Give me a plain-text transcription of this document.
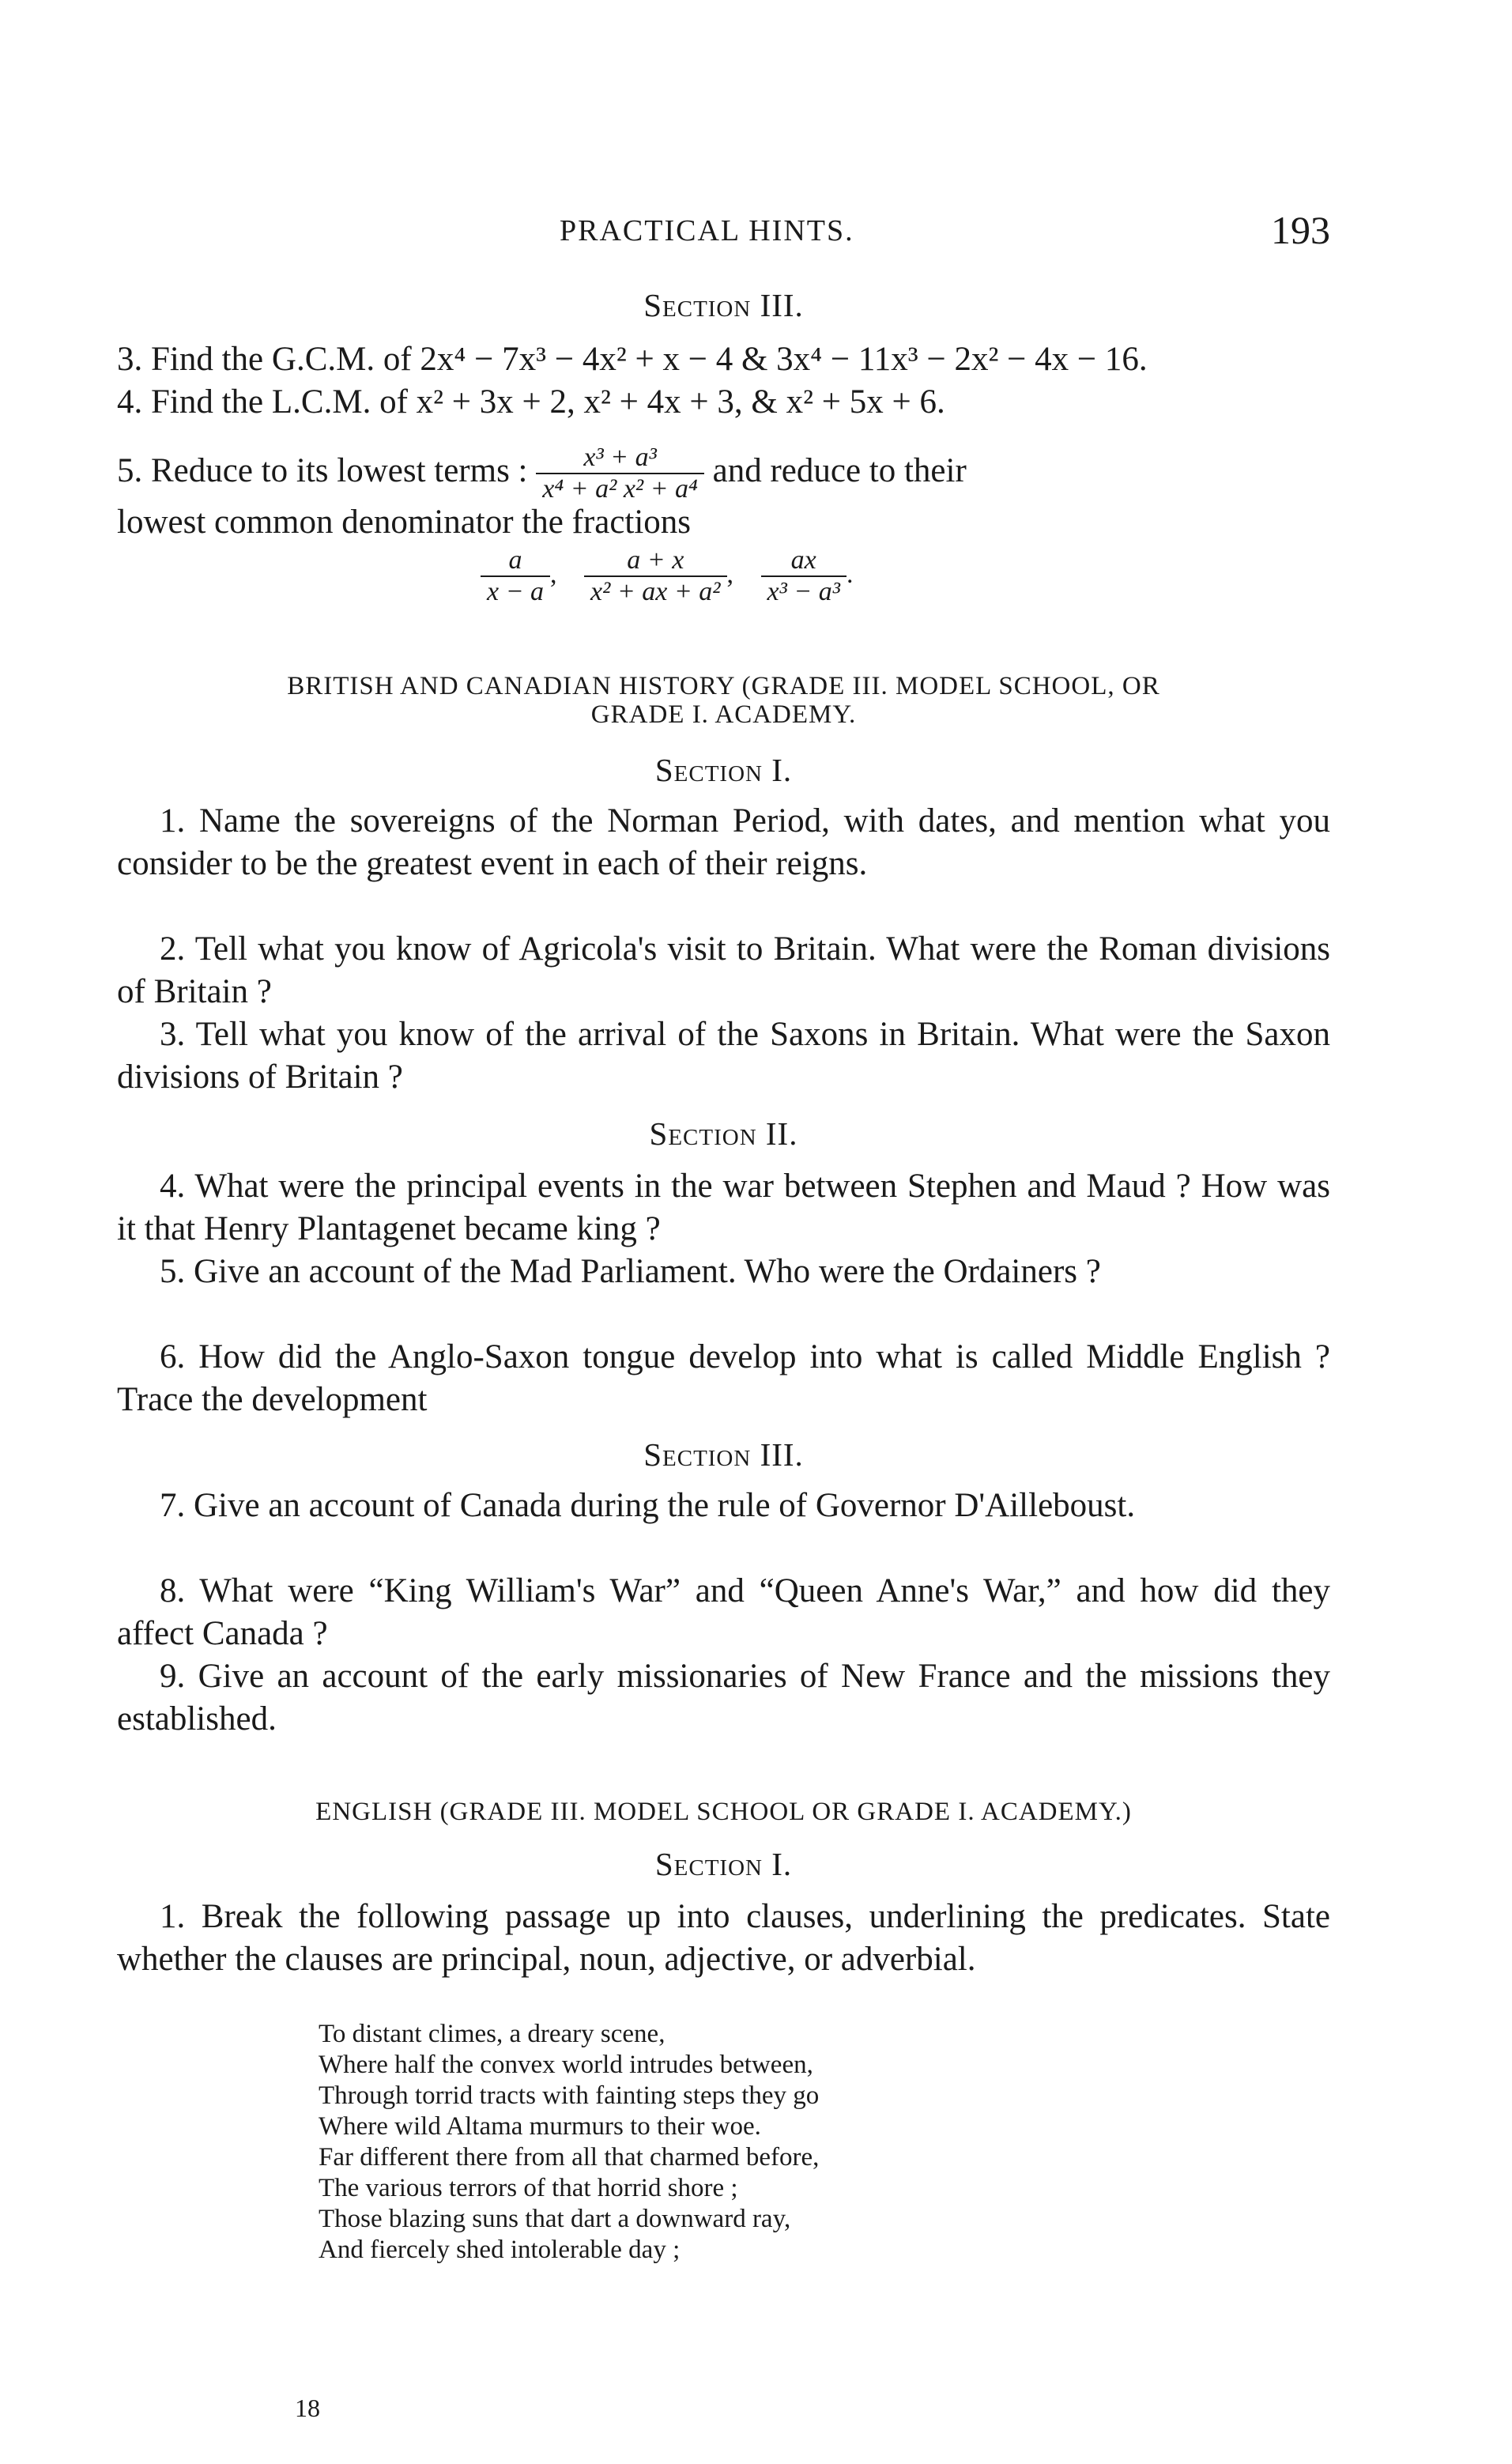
PRACTICAL HINTS.	193
Section III.
3. Find the G.C.M. of 2x⁴ − 7x³ − 4x² + x − 4 & 3x⁴ − 11x³ − 2x² − 4x − 16.
4. Find the L.C.M. of x² + 3x + 2, x² + 4x + 3, & x² + 5x + 6.
5. Reduce to its lowest terms : $\frac{\text{x³ + a³}}{\text{x⁴ + a² x² + a⁴}}$ and reduce to their
lowest common denominator the fractions
$\frac{a}{x - a}$ , $\frac{a + x}{\text{x² + ax + a²}}$ , $\frac{ax}{\text{x³ − a³}}$ .
BRITISH AND CANADIAN HISTORY (GRADE III. MODEL SCHOOL, OR
GRADE I. ACADEMY.
Section I.
1. Name the sovereigns of the Norman Period, with dates, and mention what you consider to be the greatest event in each of their reigns.
2. Tell what you know of Agricola's visit to Britain. What were the Roman divisions of Britain ?
3. Tell what you know of the arrival of the Saxons in Britain. What were the Saxon divisions of Britain ?
Section II.
4. What were the principal events in the war between Stephen and Maud ? How was it that Henry Plantagenet became king ?
5. Give an account of the Mad Parliament. Who were the Ordainers ?
6. How did the Anglo-Saxon tongue develop into what is called Middle English ? Trace the development
Section III.
7. Give an account of Canada during the rule of Governor D'Ailleboust.
8. What were “King William's War” and “Queen Anne's War,” and how did they affect Canada ?
9. Give an account of the early missionaries of New France and the missions they established.
ENGLISH (GRADE III. MODEL SCHOOL OR GRADE I. ACADEMY.)
Section I.
1. Break the following passage up into clauses, underlining the predicates. State whether the clauses are principal, noun, adjective, or adverbial.
To distant climes, a dreary scene,
Where half the convex world intrudes between,
Through torrid tracts with fainting steps they go
Where wild Altama murmurs to their woe.
Far different there from all that charmed before,
The various terrors of that horrid shore ;
Those blazing suns that dart a downward ray,
And fiercely shed intolerable day ;
18
